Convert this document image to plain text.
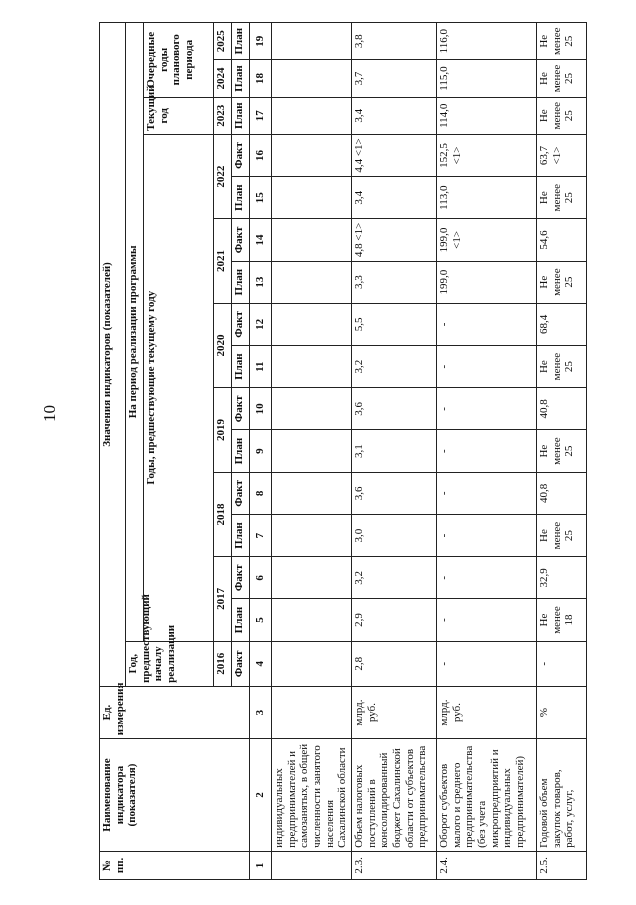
10
№ пп.	Наименование индикатора (показателя)	Ед. измерения	Значения индикаторов (показателей)															
			Год, предшествующий началу реализации	На период реализации программы														
				Годы, предшествующие текущему году												Текущий год	Очередные годы планового периода	
			2016	2017		2018		2019		2020		2021		2022		2023	2024	2025
			Факт	План	Факт	План	Факт	План	Факт	План	Факт	План	Факт	План	Факт	План	План	План
1	2	3	4	5	6	7	8	9	10	11	12	13	14	15	16	17	18	19
	индивидуальных предпринимателей и самозанятых, в общей численности занятого населения Сахалинской области																	
2.3.	Объем налоговых поступлений в консолидированный бюджет Сахалинской области от субъектов предпринимательства	млрд. руб.	2,8	2,9	3,2	3,0	3,6	3,1	3,6	3,2	5,5	3,3	4,8 <1>	3,4	4,4 <1>	3,4	3,7	3,8
2.4.	Оборот субъектов малого и среднего предпринимательства (без учета микропредприятий и индивидуальных предпринимателей)	млрд. руб.	-	-	-	-	-	-	-	-	-	199,0	199,0 <1>	113,0	152,5 <1>	114,0	115,0	116,0
2.5.	Годовой объем закупок товаров, работ, услуг,	%	-	Не менее 18	32,9	Не менее 25	40,8	Не менее 25	40,8	Не менее 25	68,4	Не менее 25	54,6	Не менее 25	63,7 <1>	Не менее 25	Не менее 25	Не менее 25
